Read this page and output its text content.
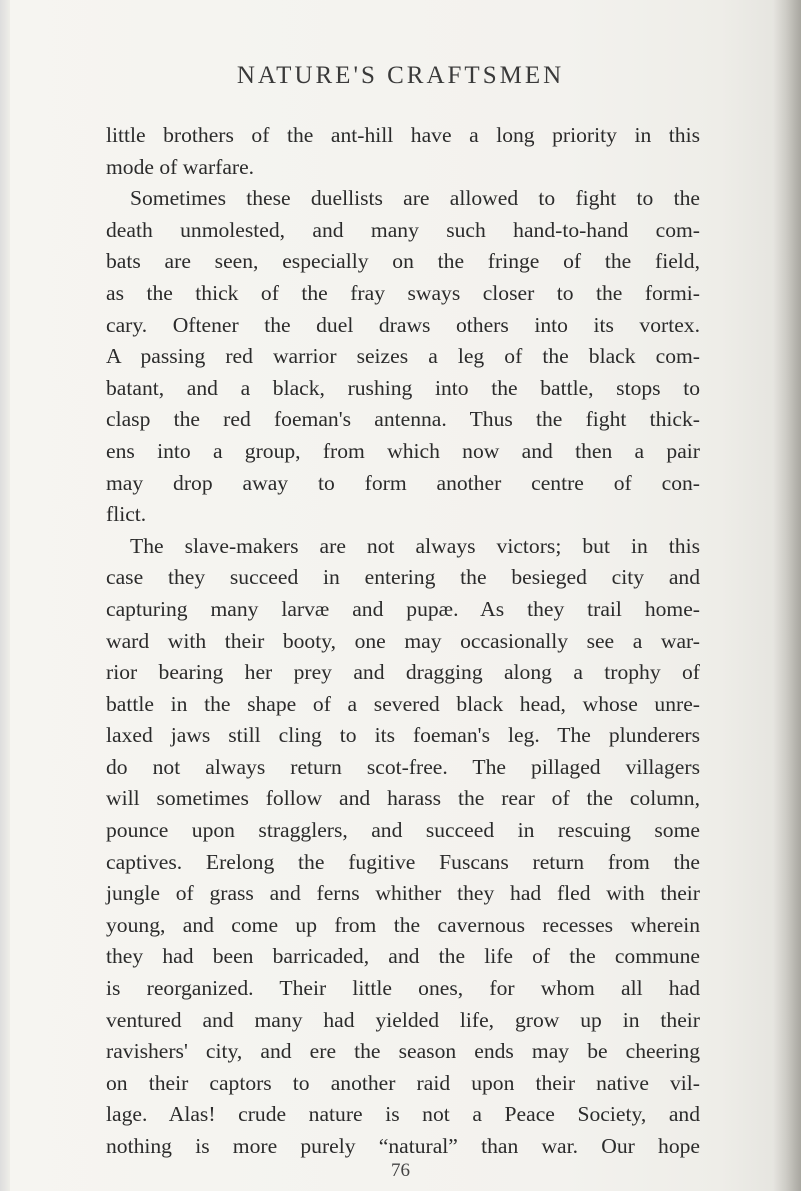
NATURE'S CRAFTSMEN
little brothers of the ant-hill have a long priority in this
mode of warfare.
Sometimes these duellists are allowed to fight to the
death unmolested, and many such hand-to-hand com-
bats are seen, especially on the fringe of the field,
as the thick of the fray sways closer to the formi-
cary. Oftener the duel draws others into its vortex.
A passing red warrior seizes a leg of the black com-
batant, and a black, rushing into the battle, stops to
clasp the red foeman's antenna. Thus the fight thick-
ens into a group, from which now and then a pair
may drop away to form another centre of con-
flict.
The slave-makers are not always victors; but in this
case they succeed in entering the besieged city and
capturing many larvæ and pupæ. As they trail home-
ward with their booty, one may occasionally see a war-
rior bearing her prey and dragging along a trophy of
battle in the shape of a severed black head, whose unre-
laxed jaws still cling to its foeman's leg. The plunderers
do not always return scot-free. The pillaged villagers
will sometimes follow and harass the rear of the column,
pounce upon stragglers, and succeed in rescuing some
captives. Erelong the fugitive Fuscans return from the
jungle of grass and ferns whither they had fled with their
young, and come up from the cavernous recesses wherein
they had been barricaded, and the life of the commune
is reorganized. Their little ones, for whom all had
ventured and many had yielded life, grow up in their
ravishers' city, and ere the season ends may be cheering
on their captors to another raid upon their native vil-
lage. Alas! crude nature is not a Peace Society, and
nothing is more purely “natural” than war. Our hope
76
